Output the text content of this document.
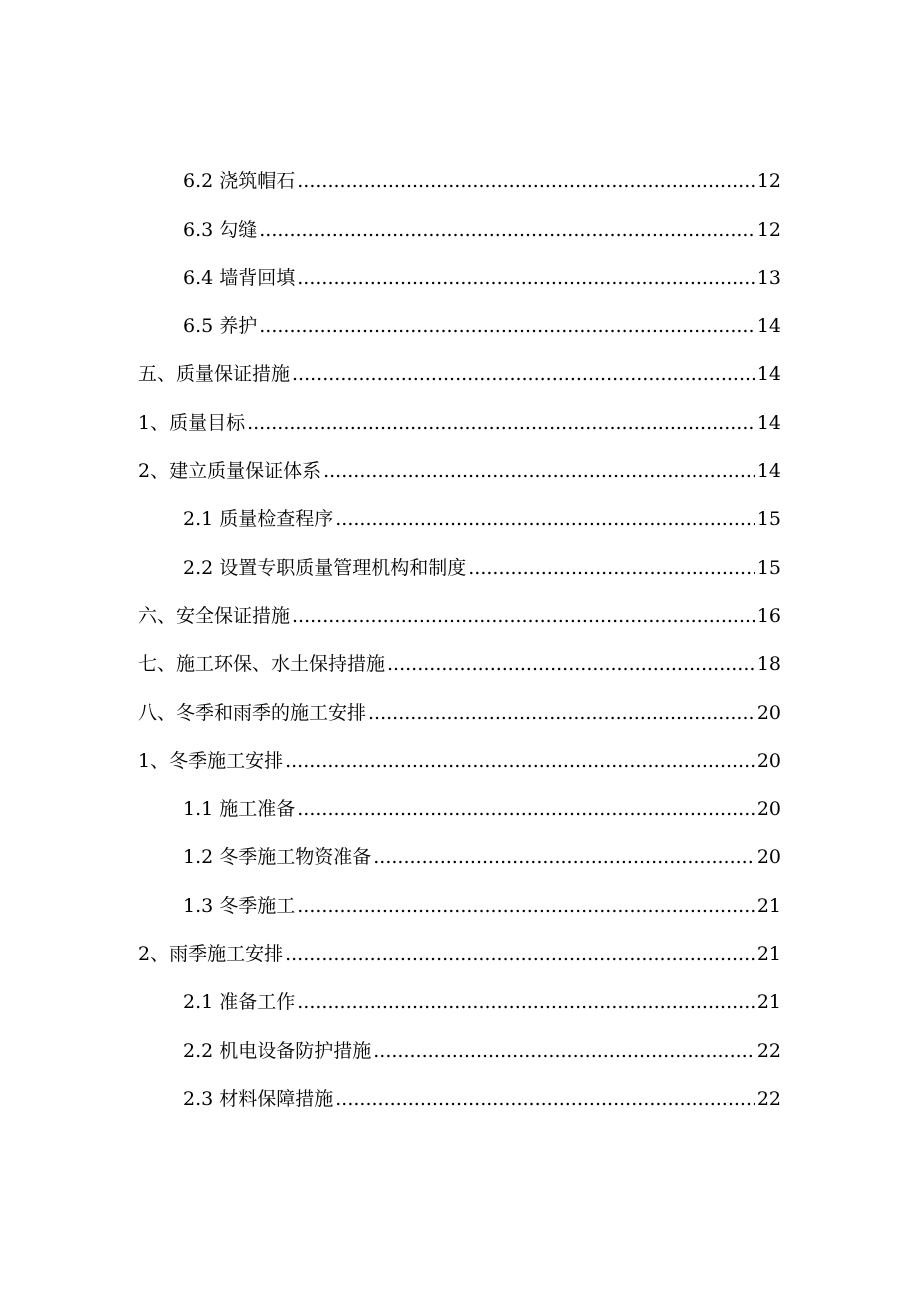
6.2 浇筑帽石 .....	12
6.3 勾缝 .....	12
6.4 墙背回填 .....	13
6.5 养护 .....	14
五、质量保证措施 .....	14
1、质量目标 .....	14
2、建立质量保证体系 .....	14
2.1 质量检查程序 .....	15
2.2 设置专职质量管理机构和制度 .....	15
六、安全保证措施 .....	16
七、施工环保、水土保持措施 .....	18
八、冬季和雨季的施工安排 .....	20
1、冬季施工安排 .....	20
1.1 施工准备 .....	20
1.2 冬季施工物资准备 .....	20
1.3 冬季施工 .....	21
2、雨季施工安排 .....	21
2.1 准备工作 .....	21
2.2 机电设备防护措施 .....	22
2.3 材料保障措施 .....	22
